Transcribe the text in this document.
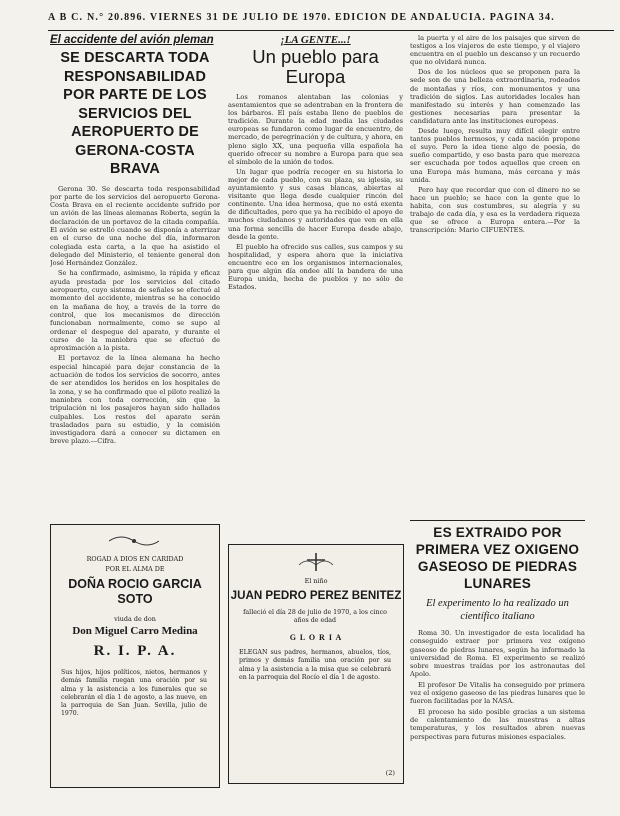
A B C. N.° 20.896. VIERNES 31 DE JULIO DE 1970. EDICION DE ANDALUCIA. PAGINA 34.
El accidente del avión pleman
SE DESCARTA TODA RESPONSABILIDAD POR PARTE DE LOS SERVICIOS DEL AEROPUERTO DE GERONA-COSTA BRAVA

Gerona 30. Se descarta toda responsabilidad por parte de los servicios del aeropuerto Gerona-Costa Brava en el reciente accidente sufrido por un avión de las líneas alemanas Roberta, según la declaración de un portavoz de la citada compañía. El avión se estrelló cuando se disponía a aterrizar en el curso de una noche del día, informaron colegiada esta carta, a la que ha asistido el delegado del Ministerio, el teniente general don José Hernández González.

Se ha confirmado, asimismo, la rápida y eficaz ayuda prestada por los servicios del citado aeropuerto, cuyo sistema de señales se efectuó al momento del accidente, mientras se ha conocido en la mañana de hoy, a través de la torre de control, que los mecanismos de dirección funcionaban normalmente, como se supo al ordenar el despegue del aparato, y durante el curso de la maniobra que se efectuó de aproximación a la pista.

El portavoz de la línea alemana ha hecho especial hincapié para dejar constancia de la actuación de todos los servicios de socorro, antes de ser atendidos los heridos en los hospitales de la zona, y se ha confirmado que el piloto realizó la maniobra con toda corrección, sin que la tripulación ni los pasajeros hayan sido hallados culpables. Los restos del aparato serán trasladados para su estudio, y la comisión investigadora dará a conocer su dictamen en breve plazo.—Cifra.

ROGAD A DIOS EN CARIDAD
POR EL ALMA DE
DOÑA ROCIO GARCIA SOTO
viuda de don
Don Miguel Carro Medina
R. I. P. A.
Sus hijos, hijos políticos, nietos, hermanos y demás familia ruegan una oración por su alma y la asistencia a los funerales que se celebrarán el día 1 de agosto, a las nueve, en la parroquia de San Juan. Sevilla, julio de 1970.
¡LA GENTE...!
Un pueblo para Europa

Los romanos alentaban las colonias y asentamientos que se adentraban en la frontera de los bárbaros. El país estaba lleno de pueblos de tradición. Durante la edad media las ciudades europeas se fundaron como lugar de encuentro, de mercado, de peregrinación y de cultura, y ahora, en pleno siglo XX, una pequeña villa española ha querido ofrecer su nombre a Europa para que sea el símbolo de la unión de todos.

Un lugar que podría recoger en su historia lo mejor de cada pueblo, con su plaza, su iglesia, su ayuntamiento y sus casas blancas, abiertas al visitante que llega desde cualquier rincón del continente. Una idea hermosa, que no está exenta de dificultades, pero que ya ha recibido el apoyo de muchos ciudadanos y autoridades que ven en ella una forma sencilla de hacer Europa desde abajo, desde la gente.

El pueblo ha ofrecido sus calles, sus campos y su hospitalidad, y espera ahora que la iniciativa encuentre eco en los organismos internacionales, para que algún día ondee allí la bandera de una Europa unida, hecha de pueblos y no sólo de Estados.

El niño
JUAN PEDRO PEREZ BENITEZ
falleció el día 28 de julio de 1970, a los cinco años de edad
G L O R I A
ELEGAN sus padres, hermanos, abuelos, tíos, primos y demás familia una oración por su alma y la asistencia a la misa que se celebrará en la parroquia del Rocío el día 1 de agosto.
(2)

la puerta y el aire de los paisajes que sirven de testigos a los viajeros de este tiempo, y el viajero encuentra en el pueblo un descanso y un recuerdo que no olvidará nunca.

Dos de los núcleos que se proponen para la sede son de una belleza extraordinaria, rodeados de montañas y ríos, con monumentos y una tradición de siglos. Las autoridades locales han manifestado su interés y han comenzado las gestiones necesarias para presentar la candidatura ante las instituciones europeas.

Desde luego, resulta muy difícil elegir entre tantos pueblos hermosos, y cada nación propone el suyo. Pero la idea tiene algo de poesía, de sueño compartido, y eso basta para que merezca ser escuchada por todos aquellos que creen en una Europa más humana, más cercana y más unida.

Pero hay que recordar que con el dinero no se hace un pueblo; se hace con la gente que lo habita, con sus costumbres, su alegría y su trabajo de cada día, y esa es la verdadera riqueza que se ofrece a Europa entera.—Por la transcripción: Mario CIFUENTES.

ES EXTRAIDO POR PRIMERA VEZ OXIGENO GASEOSO DE PIEDRAS LUNARES
El experimento lo ha realizado un científico italiano

Roma 30. Un investigador de esta localidad ha conseguido extraer por primera vez oxígeno gaseoso de piedras lunares, según ha informado la universidad de Roma. El experimento se realizó sobre muestras traídas por los astronautas del Apolo.

El profesor De Vitalis ha conseguido por primera vez el oxígeno gaseoso de las piedras lunares que le fueron facilitadas por la NASA.

El proceso ha sido posible gracias a un sistema de calentamiento de las muestras a altas temperaturas, y los resultados abren nuevas perspectivas para futuras misiones espaciales.
